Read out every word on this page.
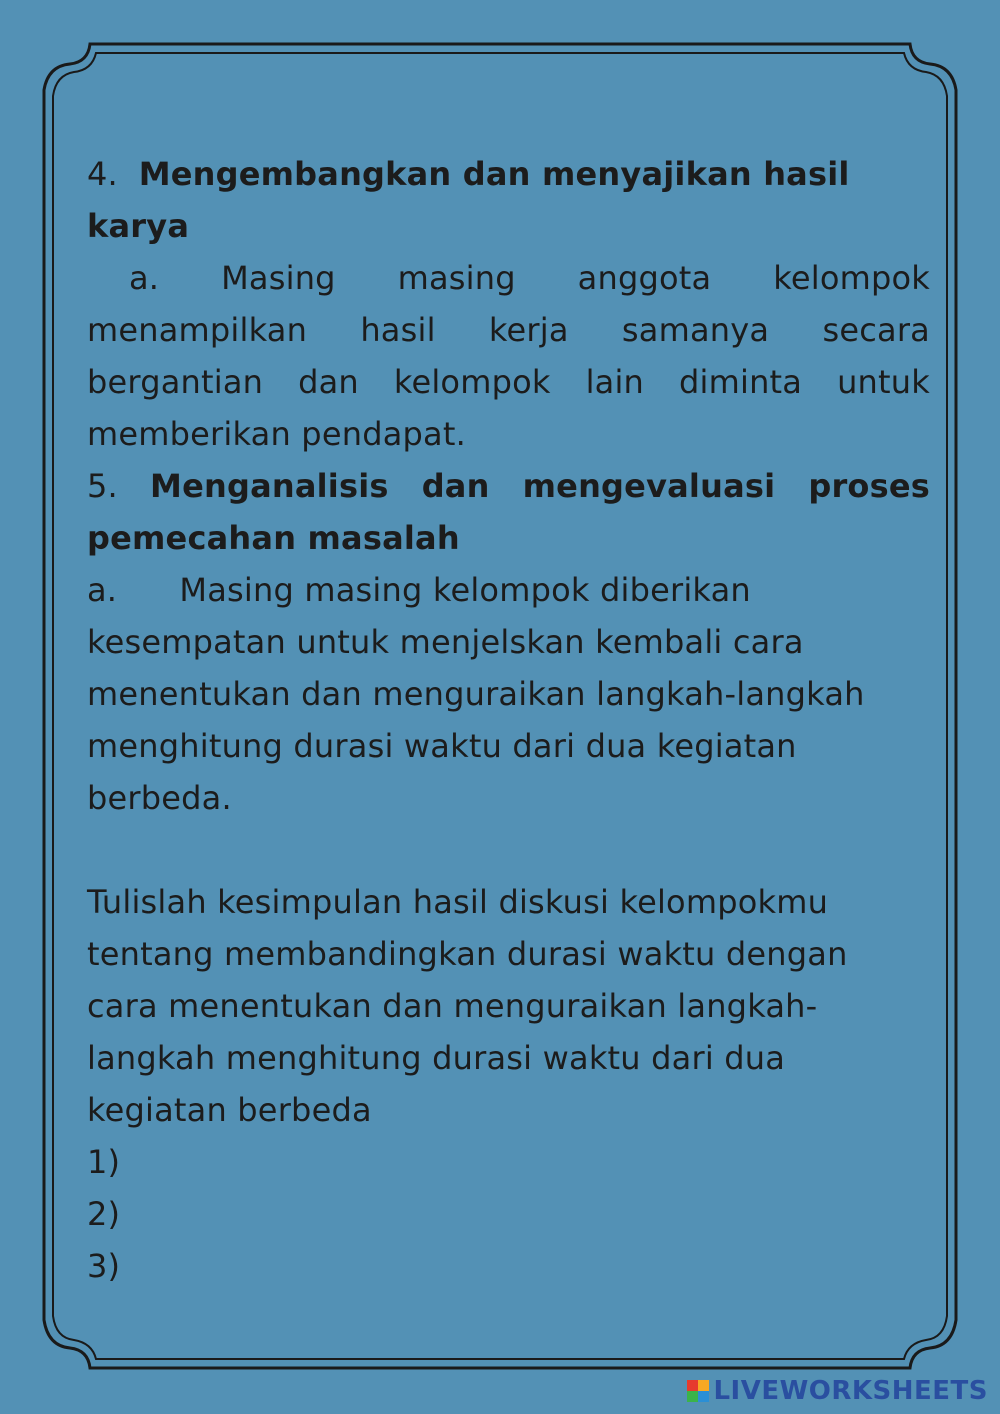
4.  Mengembangkan dan menyajikan hasil
karya
a. Masing masing anggota kelompok
menampilkan hasil kerja samanya secara
bergantian dan kelompok lain diminta untuk
memberikan pendapat.
5. Menganalisis dan mengevaluasi proses
pemecahan masalah
a.      Masing masing kelompok diberikan
kesempatan untuk menjelskan kembali cara
menentukan dan menguraikan langkah-langkah
menghitung durasi waktu dari dua kegiatan
berbeda.
Tulislah kesimpulan hasil diskusi kelompokmu
tentang membandingkan durasi waktu dengan
cara menentukan dan menguraikan langkah-
langkah menghitung durasi waktu dari dua
kegiatan berbeda
1)
2)
3)
LIVEWORKSHEETS
